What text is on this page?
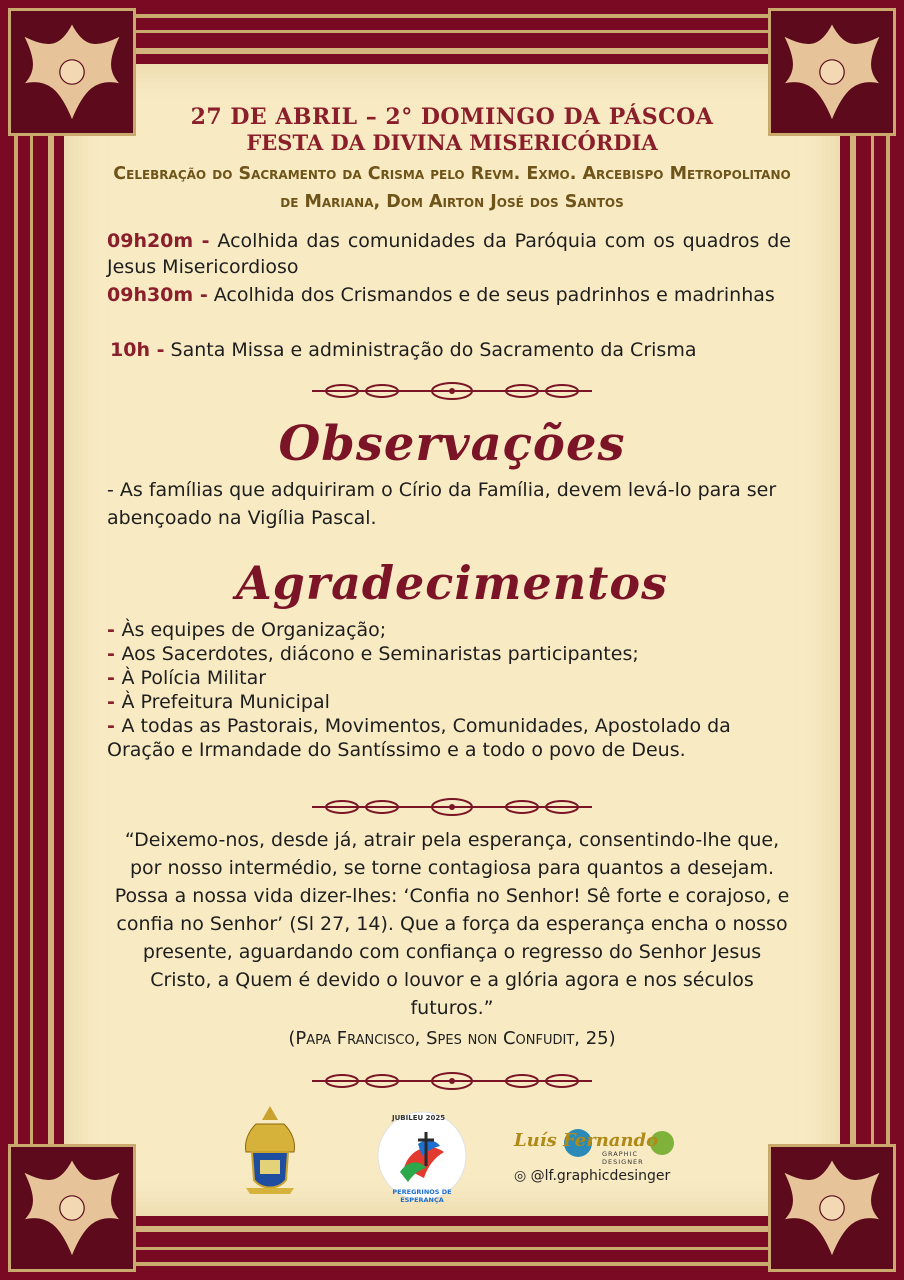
27 DE ABRIL – 2° DOMINGO DA PÁSCOA
FESTA DA DIVINA MISERICÓRDIA
Celebração do Sacramento da Crisma pelo Revm. Exmo. Arcebispo Metropolitano de Mariana, Dom Airton José dos Santos
09h20m - Acolhida das comunidades da Paróquia com os quadros de Jesus Misericordioso
09h30m - Acolhida dos Crismandos e de seus padrinhos e madrinhas
10h - Santa Missa e administração do Sacramento da Crisma
Observações
- As famílias que adquiriram o Círio da Família, devem levá-lo para ser abençoado na Vigília Pascal.
Agradecimentos
- Às equipes de Organização;
- Aos Sacerdotes, diácono e Seminaristas participantes;
- À Polícia Militar
- À Prefeitura Municipal
- A todas as Pastorais, Movimentos, Comunidades, Apostolado da Oração e Irmandade do Santíssimo e a todo o povo de Deus.
“Deixemo-nos, desde já, atrair pela esperança, consentindo-lhe que, por nosso intermédio, se torne contagiosa para quantos a desejam. Possa a nossa vida dizer-lhes: ‘Confia no Senhor! Sê forte e corajoso, e confia no Senhor’ (Sl 27, 14). Que a força da esperança encha o nosso presente, aguardando com confiança o regresso do Senhor Jesus Cristo, a Quem é devido o louvor e a glória agora e nos séculos futuros.”
(Papa Francisco, Spes non Confudit, 25)
JUBILEU 2025
PEREGRINOS DE ESPERANÇA
Luís Fernando
GRAPHIC DESIGNER
◎ @lf.graphicdesinger
